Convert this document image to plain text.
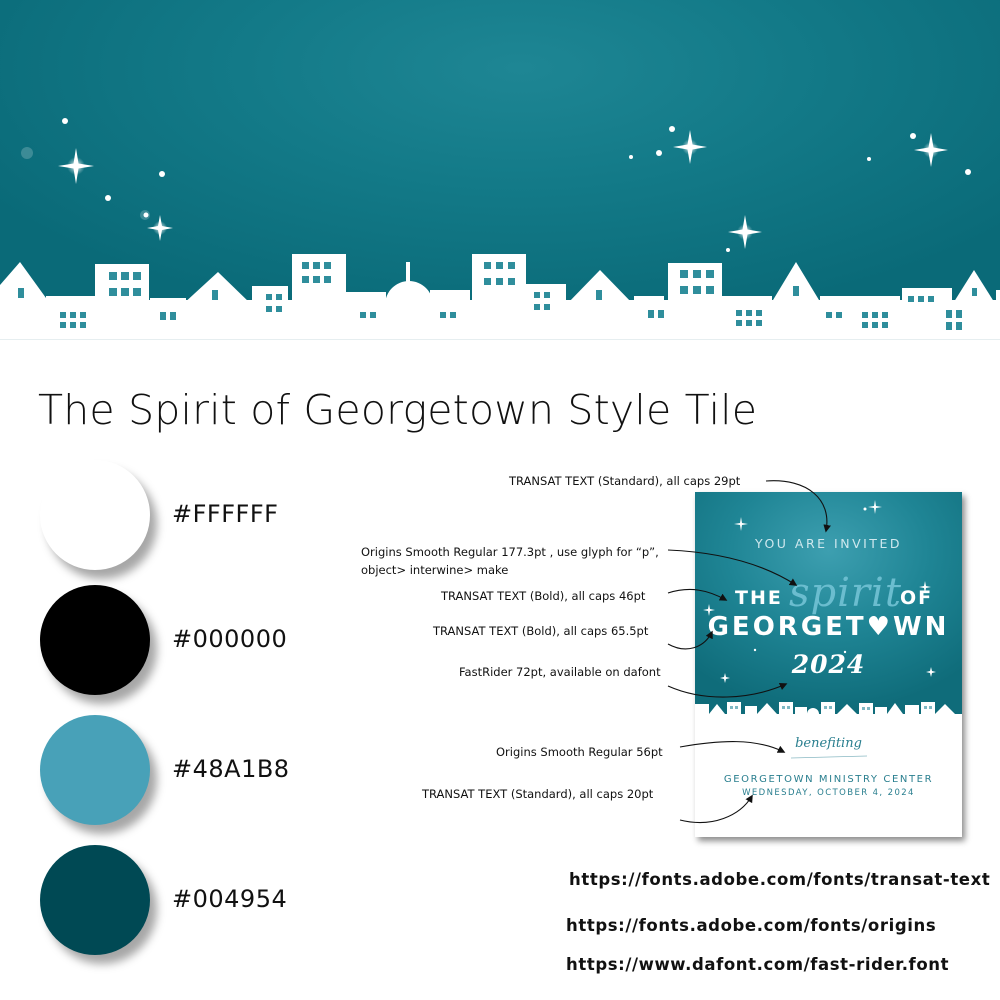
The Spirit of Georgetown Style Tile
#FFFFFF
#000000
#48A1B8
#004954
YOU ARE INVITED
spirit
THE	OF
GEORGET♥WN
2024
benefiting
GEORGETOWN MINISTRY CENTER
WEDNESDAY, OCTOBER 4, 2024
TRANSAT TEXT (Standard), all caps 29pt
Origins Smooth Regular 177.3pt , use glyph for “p”,
object> interwine> make
TRANSAT TEXT (Bold), all caps 46pt
TRANSAT TEXT (Bold), all caps 65.5pt
FastRider 72pt, available on dafont
Origins Smooth Regular 56pt
TRANSAT TEXT (Standard), all caps 20pt
https://fonts.adobe.com/fonts/transat-text
https://fonts.adobe.com/fonts/origins
https://www.dafont.com/fast-rider.font
